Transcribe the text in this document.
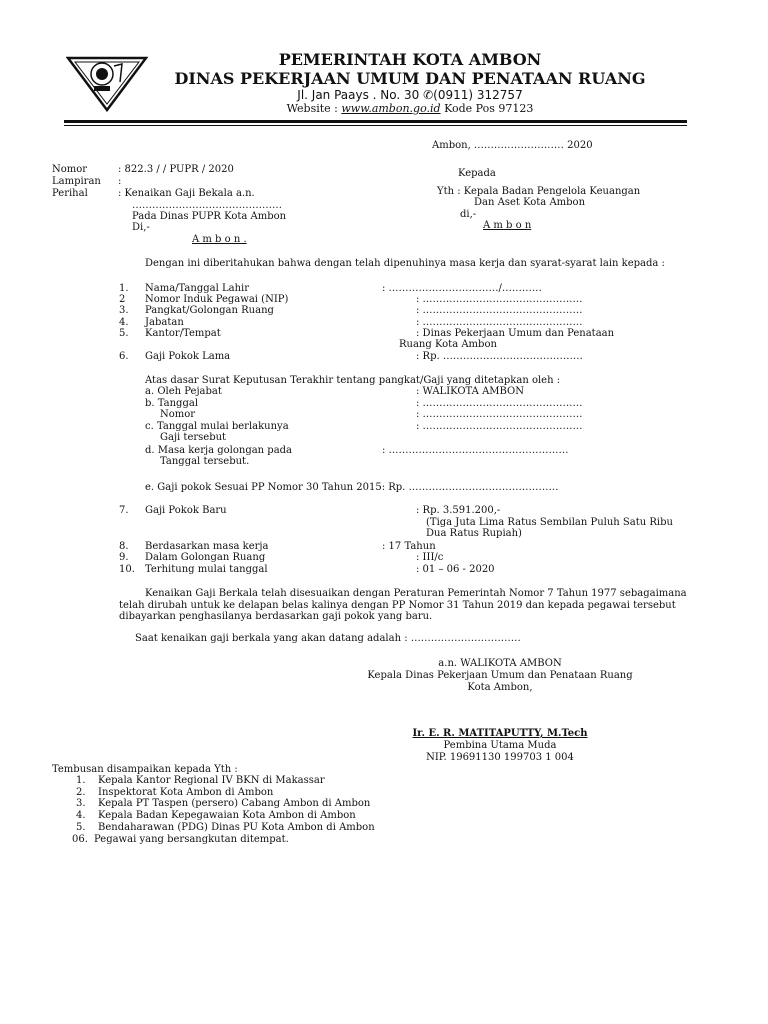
PEMERINTAH KOTA AMBON
DINAS PEKERJAAN UMUM DAN PENATAAN RUANG
Jl. Jan Paays . No. 30 ✆(0911) 312757
Website : www.ambon.go.id Kode Pos 97123
Ambon, ……………………… 2020
Nomor	: 822.3 / / PUPR / 2020
Lampiran :
Perihal	: Kenaikan Gaji Bekala a.n.
………………………………………
Pada Dinas PUPR Kota Ambon
Di,-
A m b o n .
Kepada
Yth : Kepala Badan Pengelola Keuangan
Dan Aset Kota Ambon
di,-
A m b o n
Dengan ini diberitahukan bahwa dengan telah dipenuhinya masa kerja dan syarat-syarat lain kepada :
1. Nama/Tanggal Lahir	: ……………………………/…………
2 Nomor Induk Pegawai (NIP)	: …………………………………………
3. Pangkat/Golongan Ruang	: …………………………………………
4. Jabatan	: …………………………………………
5. Kantor/Tempat	: Dinas Pekerjaan Umum dan Penataan
Ruang Kota Ambon
6. Gaji Pokok Lama	: Rp. ……………………………………
Atas dasar Surat Keputusan Terakhir tentang pangkat/Gaji yang ditetapkan oleh :
a. Oleh Pejabat	: WALIKOTA AMBON
b. Tanggal	: …………………………………………
Nomor	: …………………………………………
c. Tanggal mulai berlakunya	: …………………………………………
Gaji tersebut
d. Masa kerja golongan pada	: ………………………………………………
Tanggal tersebut.
e. Gaji pokok Sesuai PP Nomor 30 Tahun 2015: Rp. ………………………………………
7. Gaji Pokok Baru	: Rp. 3.591.200,-
(Tiga Juta Lima Ratus Sembilan Puluh Satu Ribu
Dua Ratus Rupiah)
8. Berdasarkan masa kerja	: 17 Tahun
9. Dalam Golongan Ruang	: III/c
10. Terhitung mulai tanggal	: 01 – 06 - 2020
Kenaikan Gaji Berkala telah disesuaikan dengan Peraturan Pemerintah Nomor 7 Tahun 1977 sebagaimana
telah dirubah untuk ke delapan belas kalinya dengan PP Nomor 31 Tahun 2019 dan kepada pegawai tersebut
dibayarkan penghasilanya berdasarkan gaji pokok yang baru.
Saat kenaikan gaji berkala yang akan datang adalah : ……………………………
a.n. WALIKOTA AMBON
Kepala Dinas Pekerjaan Umum dan Penataan Ruang
Kota Ambon,
Ir. E. R. MATITAPUTTY, M.Tech
Pembina Utama Muda
NIP. 19691130 199703 1 004
Tembusan disampaikan kepada Yth :
1. Kepala Kantor Regional IV BKN di Makassar
2. Inspektorat Kota Ambon di Ambon
3. Kepala PT Taspen (persero) Cabang Ambon di Ambon
4. Kepala Badan Kepegawaian Kota Ambon di Ambon
5. Bendaharawan (PDG) Dinas PU Kota Ambon di Ambon
06. Pegawai yang bersangkutan ditempat.
